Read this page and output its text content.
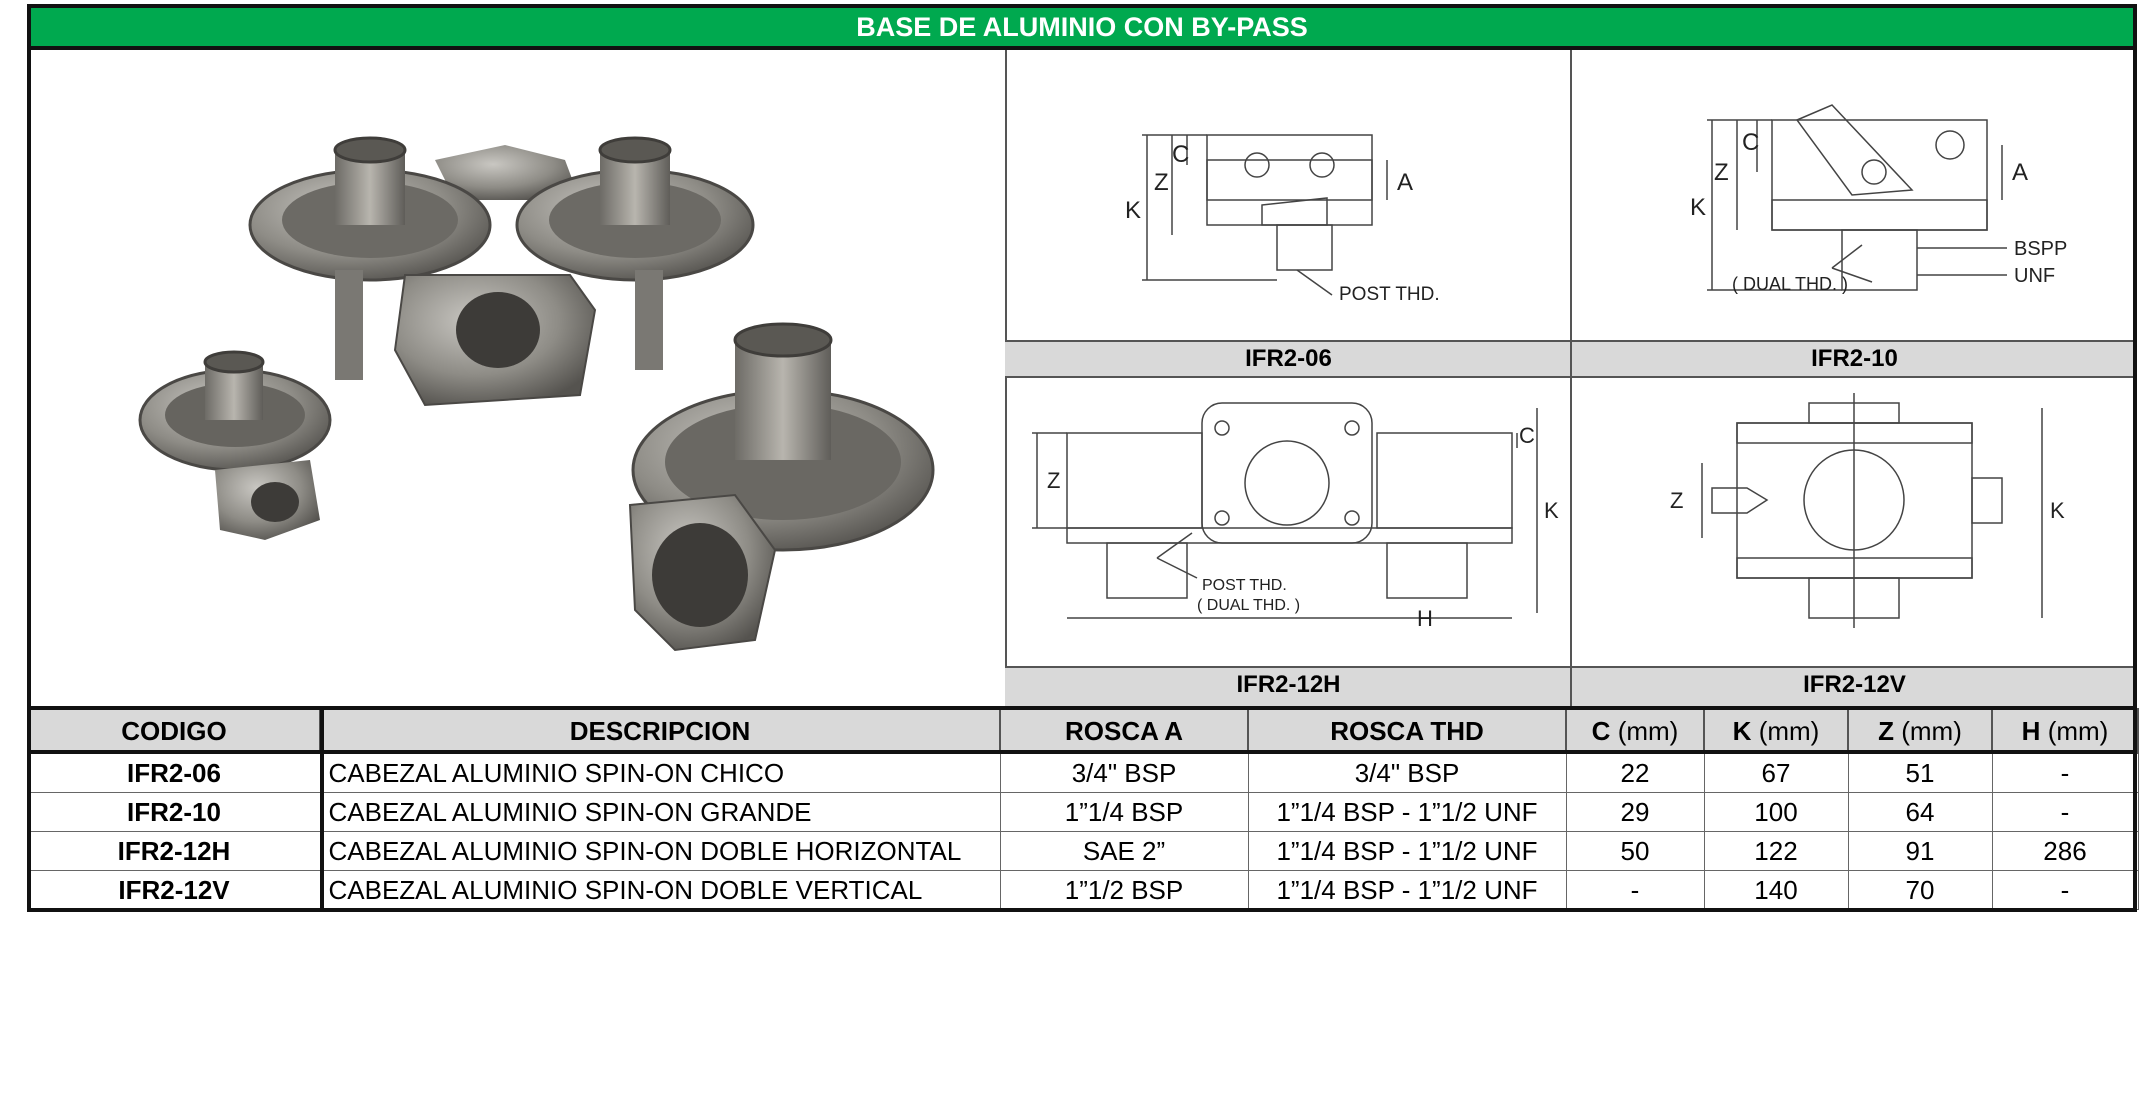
BASE DE ALUMINIO CON BY-PASS
K
Z
C
A
POST THD.
K
Z
C
A
BSPP
UNF
( DUAL THD. )
IFR2-06	IFR2-10
Z
C
K
H
POST THD.
( DUAL THD. )
Z	K
IFR2-12H	IFR2-12V
CODIGO	DESCRIPCION	ROSCA A	ROSCA THD	C (mm)	K (mm)	Z (mm)	H (mm)
IFR2-06	CABEZAL ALUMINIO SPIN-ON CHICO	3/4" BSP	3/4" BSP	22	67	51	-
IFR2-10	CABEZAL ALUMINIO SPIN-ON GRANDE	1”1/4 BSP	1”1/4 BSP - 1”1/2 UNF	29	100	64	-
IFR2-12H	CABEZAL ALUMINIO SPIN-ON DOBLE HORIZONTAL	SAE 2”	1”1/4 BSP - 1”1/2 UNF	50	122	91	286
IFR2-12V	CABEZAL ALUMINIO SPIN-ON DOBLE VERTICAL	1”1/2 BSP	1”1/4 BSP - 1”1/2 UNF	-	140	70	-
